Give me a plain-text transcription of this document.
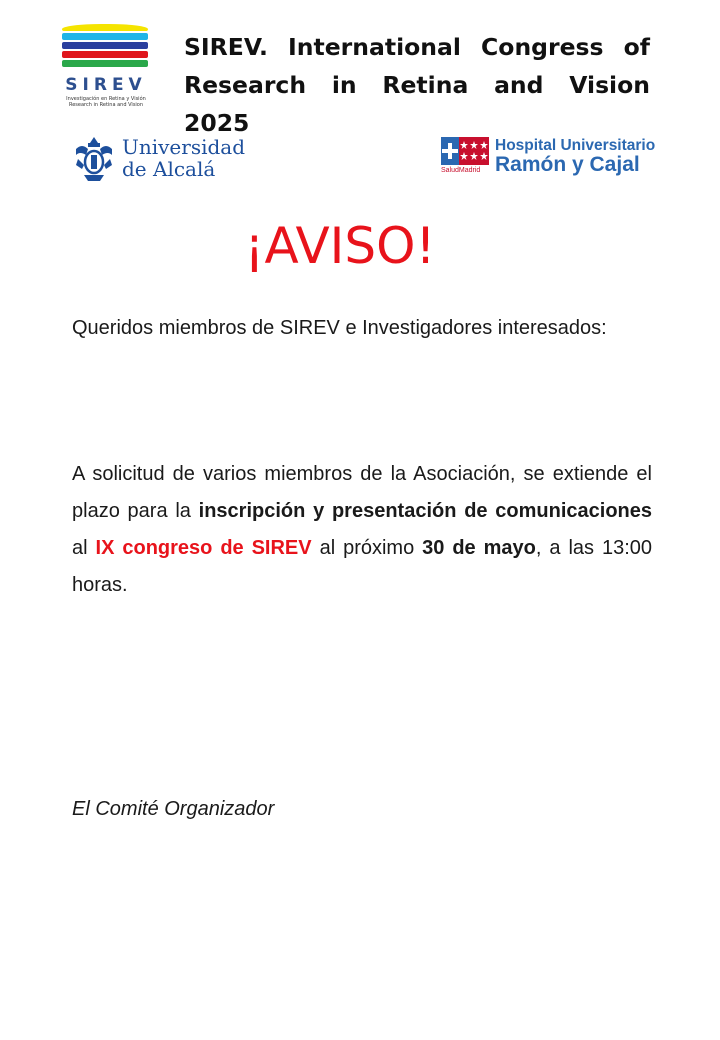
SIREV
Investigación en Retina y Visión Research in Retina and Vision
SIREV. International Congress of Research in Retina and Vision 2025
Universidad
de Alcalá	SaludMadrid
Hospital Universitario
Ramón y Cajal
¡AVISO!
Queridos miembros de SIREV e Investigadores interesados:
A solicitud de varios miembros de la Asociación, se extiende el plazo para la inscripción y presentación de comunicaciones al IX congreso de SIREV al próximo 30 de mayo, a las 13:00 horas.
El Comité Organizador
